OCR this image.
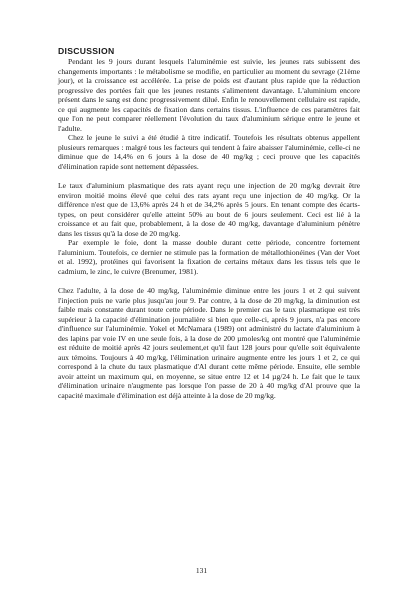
DISCUSSION

Pendant les 9 jours durant lesquels l'aluminémie est suivie, les jeunes rats subissent des changements importants : le métabolisme se modifie, en particulier au moment du sevrage (21ème jour), et la croissance est accélérée. La prise de poids est d'autant plus rapide que la réduction progressive des portées fait que les jeunes restants s'alimentent davantage. L'aluminium encore présent dans le sang est donc progressivement dilué. Enfin le renouvellement cellulaire est rapide, ce qui augmente les capacités de fixation dans certains tissus. L'influence de ces paramètres fait que l'on ne peut comparer réellement l'évolution du taux d'aluminium sérique entre le jeune et l'adulte.

Chez le jeune le suivi a été étudié à titre indicatif. Toutefois les résultats obtenus appellent plusieurs remarques : malgré tous les facteurs qui tendent à faire abaisser l'aluminémie, celle-ci ne diminue que de 14,4% en 6 jours à la dose de 40 mg/kg ; ceci prouve que les capacités d'élimination rapide sont nettement dépassées.

Le taux d'aluminium plasmatique des rats ayant reçu une injection de 20 mg/kg devrait être environ moitié moins élevé que celui des rats ayant reçu une injection de 40 mg/kg. Or la différence n'est que de 13,6% après 24 h et de 34,2% après 5 jours. En tenant compte des écarts-types, on peut considérer qu'elle atteint 50% au bout de 6 jours seulement. Ceci est lié à la croissance et au fait que, probablement, à la dose de 40 mg/kg, davantage d'aluminium pénètre dans les tissus qu'à la dose de 20 mg/kg.

Par exemple le foie, dont la masse double durant cette période, concentre fortement l'aluminium. Toutefois, ce dernier ne stimule pas la formation de métallothionéines (Van der Voet et al. 1992), protéines qui favorisent la fixation de certains métaux dans les tissus tels que le cadmium, le zinc, le cuivre (Brenumer, 1981).

Chez l'adulte, à la dose de 40 mg/kg, l'aluminémie diminue entre les jours 1 et 2 qui suivent l'injection puis ne varie plus jusqu'au jour 9. Par contre, à la dose de 20 mg/kg, la diminution est faible mais constante durant toute cette période. Dans le premier cas le taux plasmatique est très supérieur à la capacité d'élimination journalière si bien que celle-ci, après 9 jours, n'a pas encore d'influence sur l'aluminémie. Yokel et McNamara (1989) ont administré du lactate d'aluminium à des lapins par voie IV en une seule fois, à la dose de 200 µmoles/kg ont montré que l'aluminémie est réduite de moitié après 42 jours seulement,et qu'il faut 128 jours pour qu'elle soit équivalente aux témoins. Toujours à 40 mg/kg, l'élimination urinaire augmente entre les jours 1 et 2, ce qui correspond à la chute du taux plasmatique d'Al durant cette même période. Ensuite, elle semble avoir atteint un maximum qui, en moyenne, se situe entre 12 et 14 µg/24 h. Le fait que le taux d'élimination urinaire n'augmente pas lorsque l'on passe de 20 à 40 mg/kg d'Al prouve que la capacité maximale d'élimination est déjà atteinte à la dose de 20 mg/kg.

131
